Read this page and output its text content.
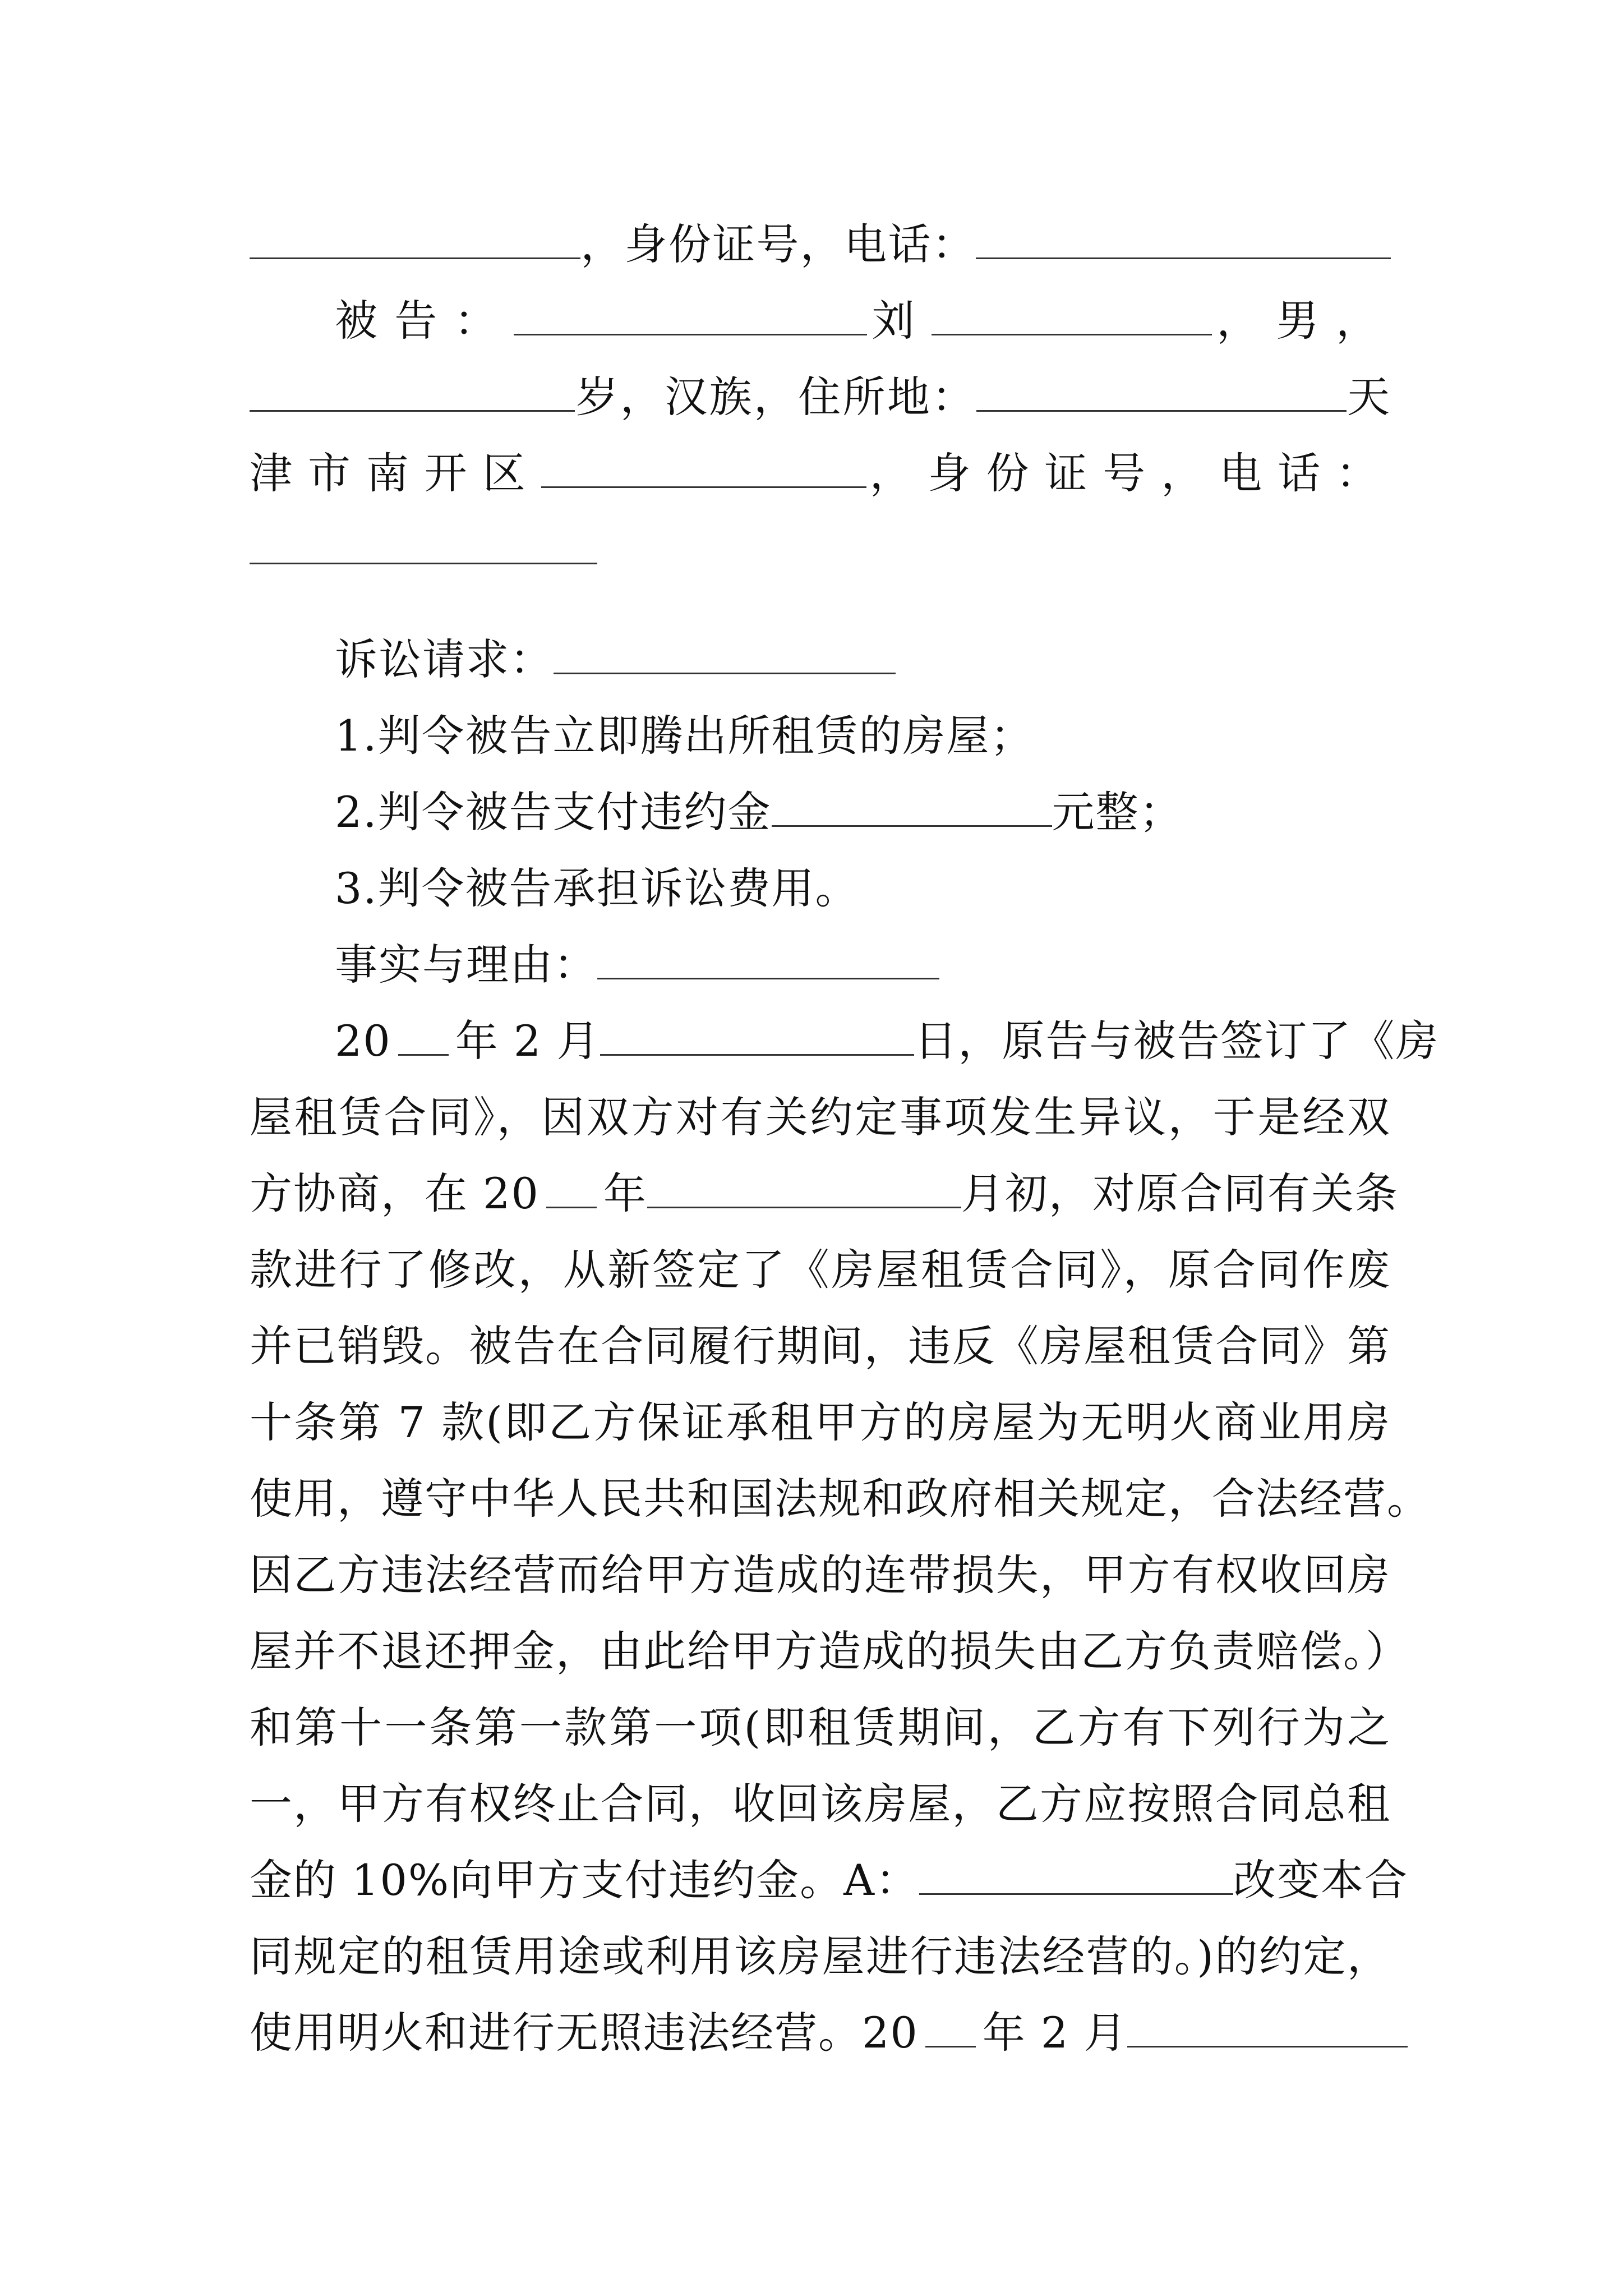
，身份证号，电话：
被告：	刘	，男，
岁，汉族，住所地：	天
津市南开区	，身份证号，电话：
诉讼请求：
1.判令被告立即腾出所租赁的房屋；
2.判令被告支付违约金	元整；
3.判令被告承担诉讼费用。
事实与理由：
20 年 2 月	日，原告与被告签订了《房
屋租赁合同》，因双方对有关约定事项发生异议，于是经双
方协商，在 20 年	月初，对原合同有关条
款进行了修改，从新签定了《房屋租赁合同》，原合同作废
并已销毁。被告在合同履行期间，违反《房屋租赁合同》第
十条第 7 款(即乙方保证承租甲方的房屋为无明火商业用房
使用，遵守中华人民共和国法规和政府相关规定，合法经营。
因乙方违法经营而给甲方造成的连带损失，甲方有权收回房
屋并不退还押金，由此给甲方造成的损失由乙方负责赔偿。）
和第十一条第一款第一项(即租赁期间，乙方有下列行为之
一，甲方有权终止合同，收回该房屋，乙方应按照合同总租
金的 10%向甲方支付违约金。A：	改变本合
同规定的租赁用途或利用该房屋进行违法经营的。)的约定，
使用明火和进行无照违法经营。20 年 2 月
